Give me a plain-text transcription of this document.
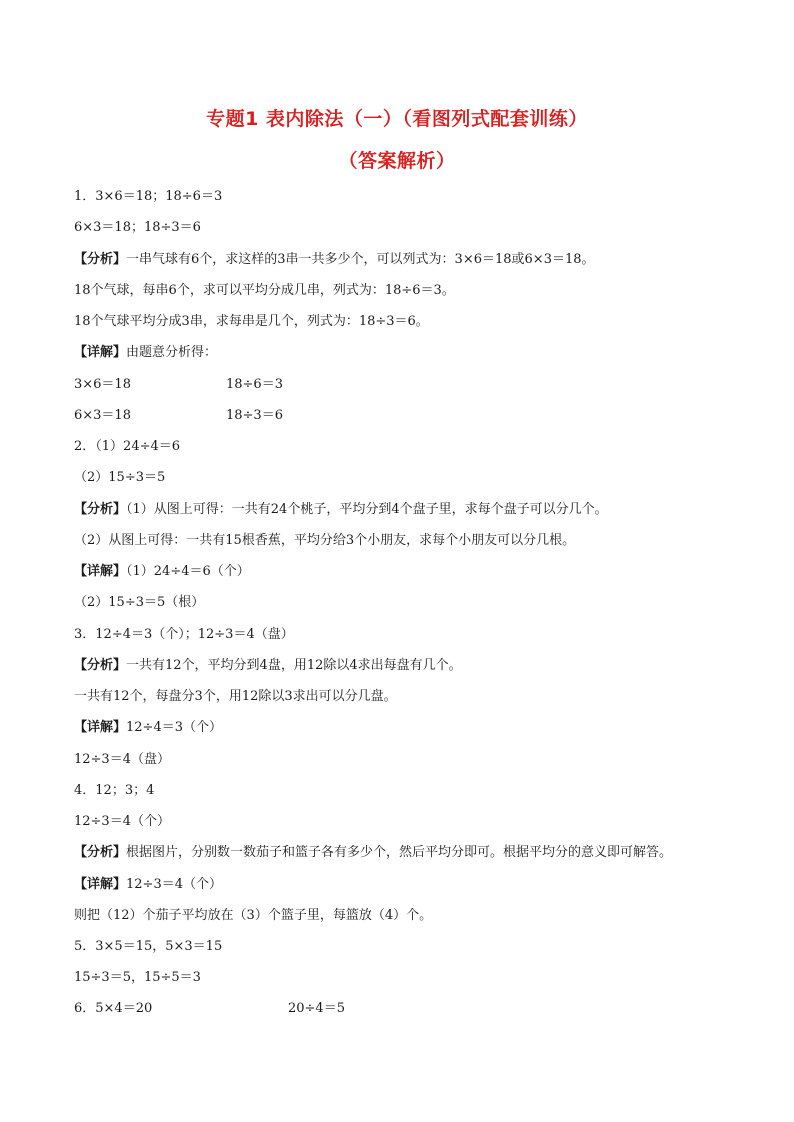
专题1 表内除法（一）（看图列式配套训练）
（答案解析）

1．3×6＝18；18÷6＝3

6×3＝18；18÷3＝6

【分析】一串气球有6个，求这样的3串一共多少个，可以列式为：3×6＝18或6×3＝18。

18个气球，每串6个，求可以平均分成几串，列式为：18÷6＝3。

18个气球平均分成3串，求每串是几个，列式为：18÷3＝6。

【详解】由题意分析得：

3×6＝18	18÷6＝3

6×3＝18	18÷3＝6

2．（1）24÷4＝6

（2）15÷3＝5

【分析】（1）从图上可得：一共有24个桃子，平均分到4个盘子里，求每个盘子可以分几个。

（2）从图上可得：一共有15根香蕉，平均分给3个小朋友，求每个小朋友可以分几根。

【详解】（1）24÷4＝6（个）

（2）15÷3＝5（根）

3．12÷4＝3（个）；12÷3＝4（盘）

【分析】一共有12个，平均分到4盘，用12除以4求出每盘有几个。

一共有12个，每盘分3个，用12除以3求出可以分几盘。

【详解】12÷4＝3（个）

12÷3＝4（盘）

4．12；3；4

12÷3＝4（个）

【分析】根据图片，分别数一数茄子和篮子各有多少个，然后平均分即可。根据平均分的意义即可解答。

【详解】12÷3＝4（个）

则把（12）个茄子平均放在（3）个篮子里，每篮放（4）个。

5．3×5＝15，5×3＝15

15÷3＝5，15÷5＝3

6．5×4＝20	20÷4＝5
